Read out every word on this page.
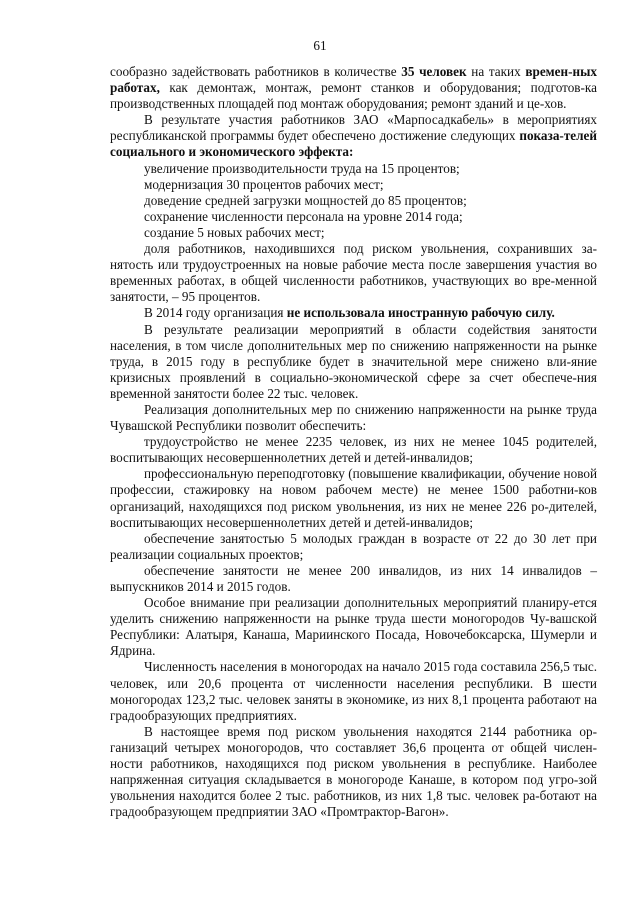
61

сообразно задействовать работников в количестве 35 человек на таких времен-ных работах, как демонтаж, монтаж, ремонт станков и оборудования; подготов-ка производственных площадей под монтаж оборудования; ремонт зданий и це-хов.

В результате участия работников ЗАО «Марпосадкабель» в мероприятиях республиканской программы будет обеспечено достижение следующих показа-телей социального и экономического эффекта:

увеличение производительности труда на 15 процентов;

модернизация 30 процентов рабочих мест;

доведение средней загрузки мощностей до 85 процентов;

сохранение численности персонала на уровне 2014 года;

создание 5 новых рабочих мест;

доля работников, находившихся под риском увольнения, сохранивших за-нятость или трудоустроенных на новые рабочие места после завершения участия во временных работах, в общей численности работников, участвующих во вре-менной занятости, – 95 процентов.

В 2014 году организация не использовала иностранную рабочую силу.

В результате реализации мероприятий в области содействия занятости населения, в том числе дополнительных мер по снижению напряженности на рынке труда, в 2015 году в республике будет в значительной мере снижено вли-яние кризисных проявлений в социально-экономической сфере за счет обеспече-ния временной занятости более 22 тыс. человек.

Реализация дополнительных мер по снижению напряженности на рынке труда Чувашской Республики позволит обеспечить:

трудоустройство не менее 2235 человек, из них не менее 1045 родителей, воспитывающих несовершеннолетних детей и детей-инвалидов;

профессиональную переподготовку (повышение квалификации, обучение новой профессии, стажировку на новом рабочем месте) не менее 1500 работни-ков организаций, находящихся под риском увольнения, из них не менее 226 ро-дителей, воспитывающих несовершеннолетних детей и детей-инвалидов;

обеспечение занятостью 5 молодых граждан в возрасте от 22 до 30 лет при реализации социальных проектов;

обеспечение занятости не менее 200 инвалидов, из них 14 инвалидов – выпускников 2014 и 2015 годов.

Особое внимание при реализации дополнительных мероприятий планиру-ется уделить снижению напряженности на рынке труда шести моногородов Чу-вашской Республики: Алатыря, Канаша, Мариинского Посада, Новочебоксарска, Шумерли и Ядрина.

Численность населения в моногородах на начало 2015 года составила 256,5 тыс. человек, или 20,6 процента от численности населения республики. В шести моногородах 123,2 тыс. человек заняты в экономике, из них 8,1 процента работают на градообразующих предприятиях.

В настоящее время под риском увольнения находятся 2144 работника ор-ганизаций четырех моногородов, что составляет 36,6 процента от общей числен-ности работников, находящихся под риском увольнения в республике. Наиболее напряженная ситуация складывается в моногороде Канаше, в котором под угро-зой увольнения находится более 2 тыс. работников, из них 1,8 тыс. человек ра-ботают на градообразующем предприятии ЗАО «Промтрактор-Вагон».
